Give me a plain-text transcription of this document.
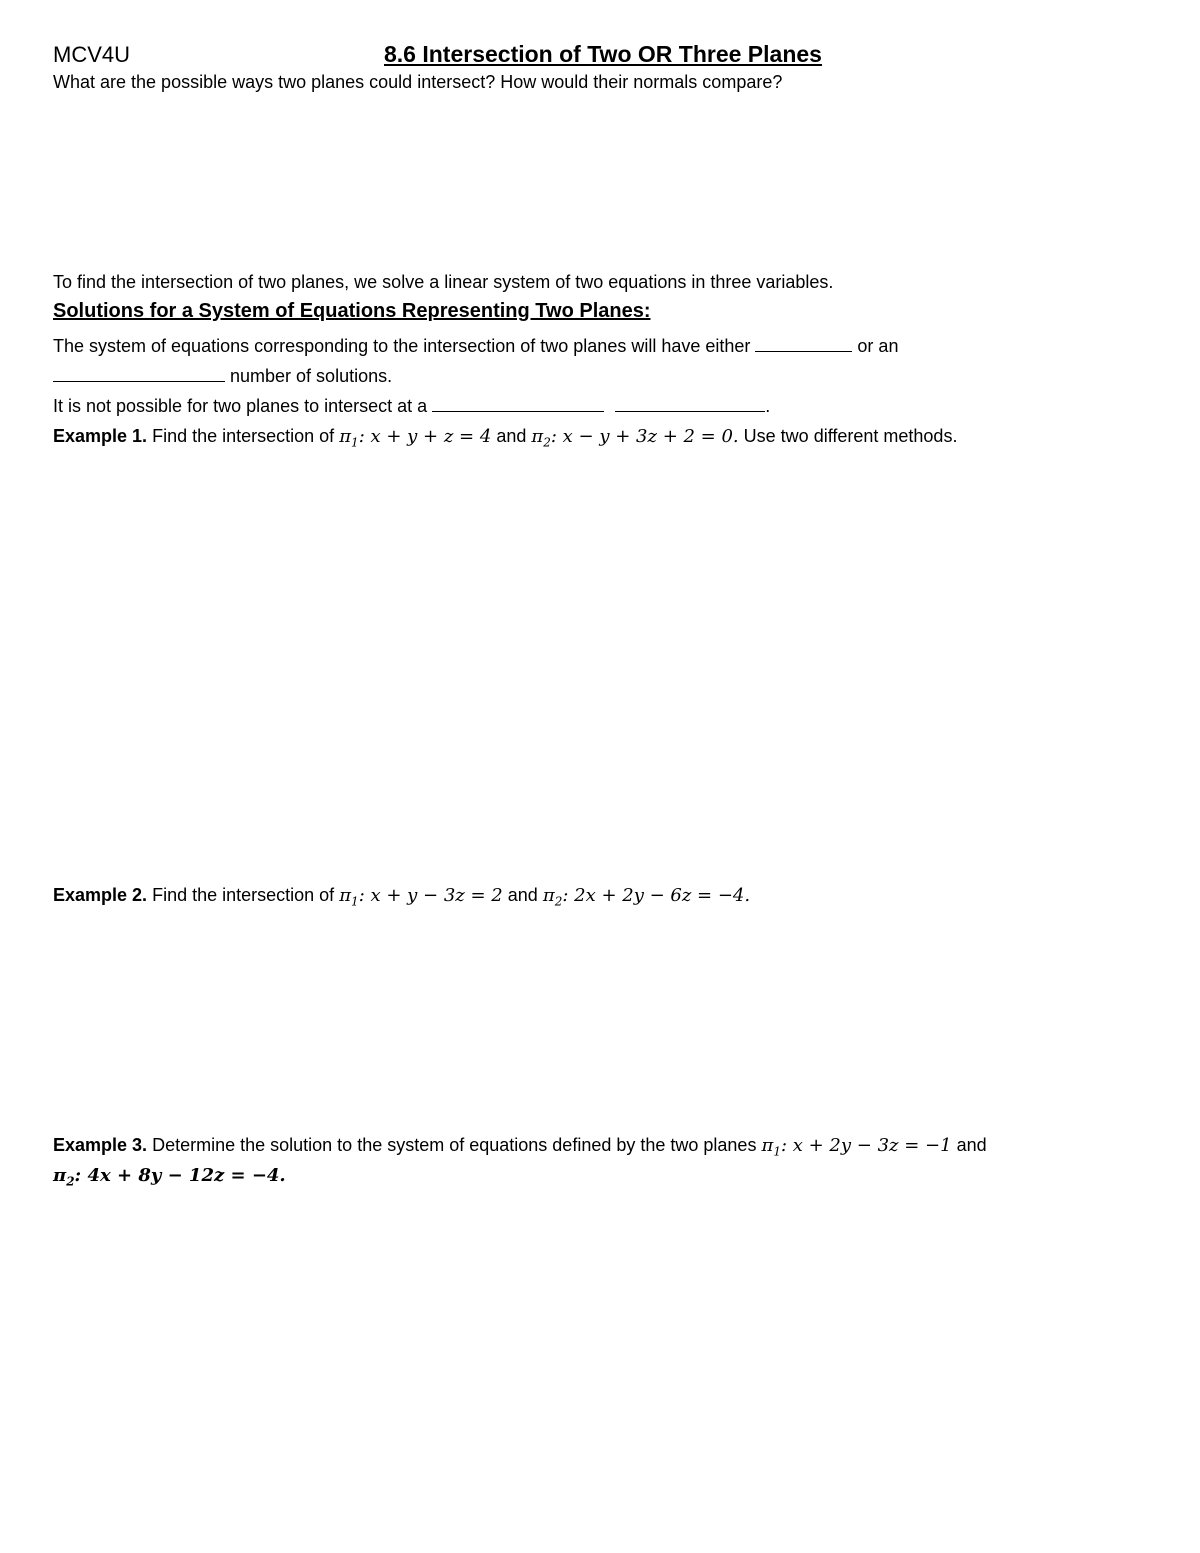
MCV4U	8.6 Intersection of Two OR Three Planes
What are the possible ways two planes could intersect? How would their normals compare?
To find the intersection of two planes, we solve a linear system of two equations in three variables.
Solutions for a System of Equations Representing Two Planes:
The system of equations corresponding to the intersection of two planes will have either	or an
number of solutions.
It is not possible for two planes to intersect at a	.
Example 1. Find the intersection of $\pi_1$: x + y + z = 4 and $\pi_2$: x − y + 3z + 2 = 0. Use two different methods.
Example 2. Find the intersection of $\pi_1$: x + y − 3z = 2 and $\pi_2$: 2x + 2y − 6z = −4.
Example 3. Determine the solution to the system of equations defined by the two planes $\pi_1$: x + 2y − 3z = −1 and
$\pi_2$: 4x + 8y − 12z = −4.
